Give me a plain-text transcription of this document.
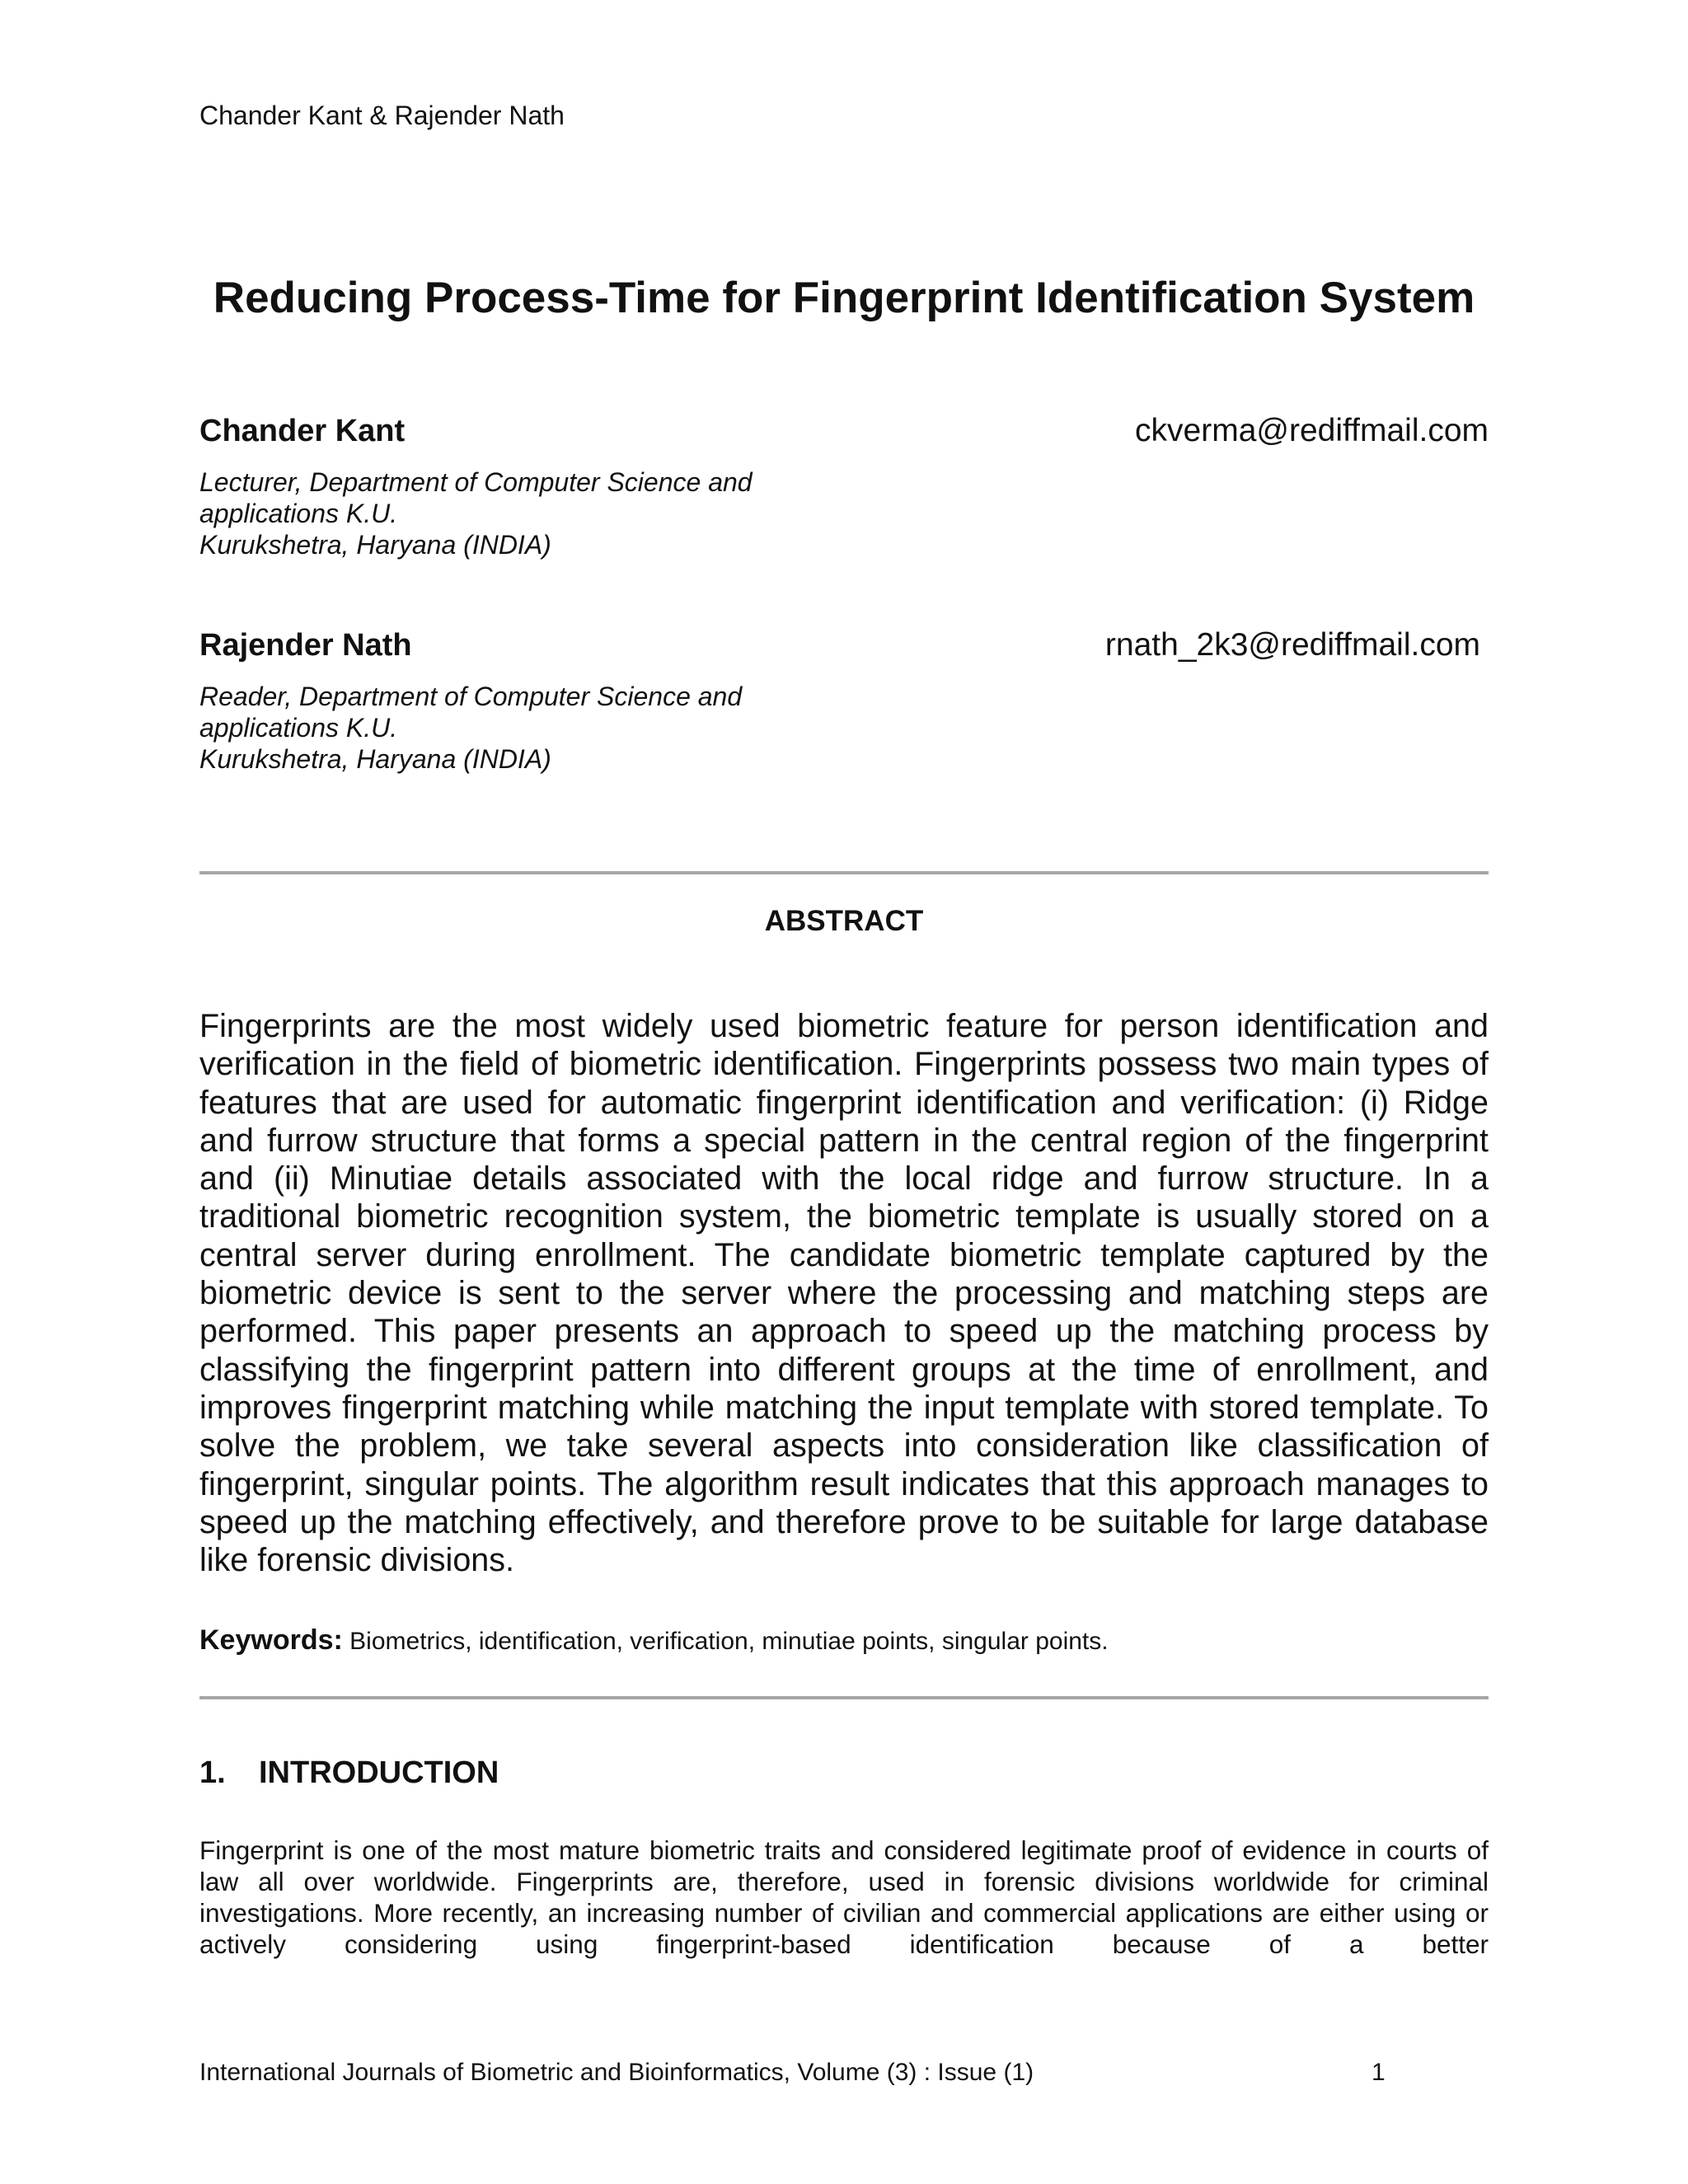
Chander Kant & Rajender Nath
Reducing Process-Time for Fingerprint Identification System
Chander Kant	ckverma@rediffmail.com
Lecturer, Department of Computer Science and
applications K.U.
Kurukshetra, Haryana (INDIA)
Rajender Nath	rnath_2k3@rediffmail.com
Reader, Department of Computer Science and
applications K.U.
Kurukshetra, Haryana (INDIA)
ABSTRACT

Fingerprints are the most widely used biometric feature for person identification and verification in the field of biometric identification. Fingerprints possess two main types of features that are used for automatic fingerprint identification and verification: (i) Ridge and furrow structure that forms a special pattern in the central region of the fingerprint and (ii) Minutiae details associated with the local ridge and furrow structure. In a traditional biometric recognition system, the biometric template is usually stored on a central server during enrollment. The candidate biometric template captured by the biometric device is sent to the server where the processing and matching steps are performed. This paper presents an approach to speed up the matching process by classifying the fingerprint pattern into different groups at the time of enrollment, and improves fingerprint matching while matching the input template with stored template. To solve the problem, we take several aspects into consideration like classification of fingerprint, singular points. The algorithm result indicates that this approach manages to speed up the matching effectively, and therefore prove to be suitable for large database like forensic divisions.

Keywords: Biometrics, identification, verification, minutiae points, singular points.
1. INTRODUCTION

Fingerprint is one of the most mature biometric traits and considered legitimate proof of evidence in courts of law all over worldwide. Fingerprints are, therefore, used in forensic divisions worldwide for criminal investigations. More recently, an increasing number of civilian and commercial applications are either using or actively considering using fingerprint-based identification because of a better

International Journals of Biometric and Bioinformatics, Volume (3) : Issue (1)	1
